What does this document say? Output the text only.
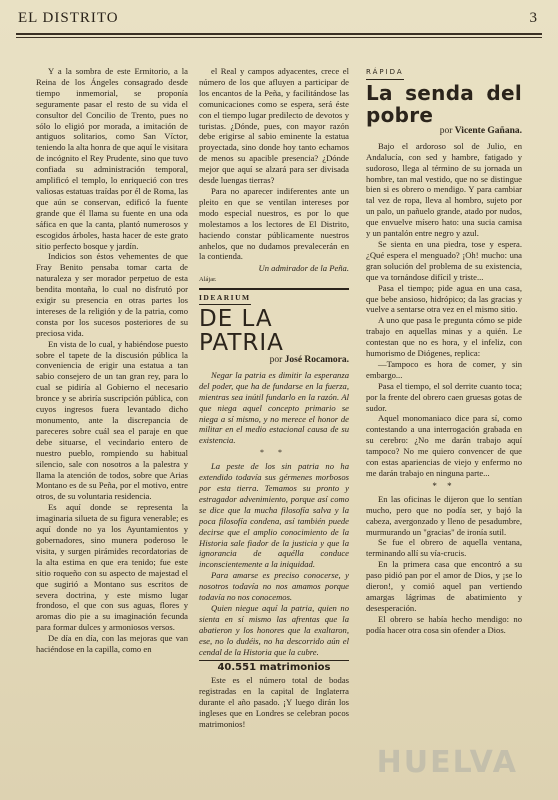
EL DISTRITO	3

Y a la sombra de este Ermitorio, a la Reina de los Ángeles consagrado desde tiempo inmemorial, se proponía seguramente pasar el resto de su vida el consultor del Concilio de Trento, pues no sólo lo eligió por morada, a imitación de antiguos solitarios, como San Víctor, teniendo la alta honra de que aquí le visitara de incógnito el Rey Prudente, sino que tuvo confiada su administración temporal, amplificó el templo, lo enriqueció con tres valiosas estatuas traídas por él de Roma, las que aún se conservan, edificó la fuente grande que él llama su fuente en una oda sáfica en que la canta, plantó numerosos y escogidos árboles, hasta hacer de este grato sitio perfecto bosque y jardín.

Indicios son éstos vehementes de que Fray Benito pensaba tomar carta de naturaleza y ser morador perpetuo de esta bendita montaña, lo cual no disfrutó por exigir su presencia en otras partes los intereses de la religión y de la patria, como consta por los sucesos posteriores de su preciosa vida.

En vista de lo cual, y habiéndose puesto sobre el tapete de la discusión pública la conveniencia de erigir una estatua a tan sabio consejero de un tan gran rey, para lo cual se pidiría al Gobierno el necesario bronce y se abriría suscripción pública, con cuyos ingresos fuera levantado dicho monumento, ante la discrepancia de pareceres sobre cuál sea el paraje en que debe situarse, el vecindario entero de nuestro pueblo, rompiendo su habitual silencio, sale con nosotros a la palestra y llama la atención de todos, sobre que Arias Montano es de su Peña, por el motivo, entre otros, de su voluntaria residencia.

Es aquí donde se representa la imaginaria silueta de su figura venerable; es aquí donde no ya los Ayuntamientos y gobernadores, sino munera poderoso le visita, y surgen pirámides recordatorias de la alta estima en que era tenido; fue este sitio roqueño con su aspecto de majestad el que sugirió a Montano sus escritos de severa doctrina, y este mismo lugar frondoso, el que con sus aguas, flores y aromas dio pie a su imaginación fecunda para formar dulces y armoniosos versos.

De día en día, con las mejoras que van haciéndose en la capilla, como en

el Real y campos adyacentes, crece el número de los que afluyen a participar de los encantos de la Peña, y facilitándose las comunicaciones como se espera, será éste con el tiempo lugar predilecto de devotos y turistas. ¿Dónde, pues, con mayor razón debe erigirse al sabio eminente la estatua proyectada, sino donde hoy tanto echamos de menos su apacible presencia? ¿Dónde mejor que aquí se alzará para ser divisada desde luengas tierras?

Para no aparecer indiferentes ante un pleito en que se ventilan intereses por modo especial nuestros, es por lo que molestamos a los lectores de El Distrito, haciendo constar públicamente nuestros anhelos, que no dudamos prevalecerán en la contienda.

Un admirador de la Peña.
Alájar.
IDEARIUM
DE LA PATRIA
por José Rocamora.

Negar la patria es dimitir la esperanza del poder, que ha de fundarse en la fuerza, mientras sea inútil fundarlo en la razón. Al que niega aquel concepto primario se niega a sí mismo, y no merece el honor de militar en el medio estacional causa de su existencia.

* *

La peste de los sin patria no ha extendido todavía sus gérmenes morbosos por esta tierra. Temamos su pronto y estragador advenimiento, porque así como se dice que la mucha filosofía salva y la poca filosofía condena, así también puede decirse que el amplio conocimiento de la Historia sale fiador de la justicia y que la ignorancia de aquélla conduce inconscientemente a la iniquidad.

Para amarse es preciso conocerse, y nosotros todavía no nos amamos porque todavía no nos conocemos.

Quien niegue aquí la patria, quien no sienta en sí mismo las afrentas que la abatieron y los honores que la exaltaron, ese, no lo dudéis, no ha descorrido aún el cendal de la Historia que la cubre.

40.551 matrimonios

Este es el número total de bodas registradas en la capital de Inglaterra durante el año pasado. ¡Y luego dirán los ingleses que en Londres se celebran pocos matrimonios!

RÁPIDA
La senda del pobre
por Vicente Gañana.

Bajo el ardoroso sol de Julio, en Andalucía, con sed y hambre, fatigado y sudoroso, llega al término de su jornada un hombre, tan mal vestido, que no se distingue bien si es obrero o mendigo. Y para cambiar tal vez de ropa, lleva al hombro, sujeto por un palo, un pañuelo grande, atado por nudos, que envuelve mísero hato: una sucia camisa y un pantalón entre negro y azul.

Se sienta en una piedra, tose y espera. ¿Qué espera el menguado? ¡Oh! mucho: una gran solución del problema de su existencia, que va tornándose difícil y triste...

Pasa el tiempo; pide agua en una casa, que bebe ansioso, hidrópico; da las gracias y vuelve a sentarse otra vez en el mismo sitio.

A uno que pasa le pregunta cómo se pide trabajo en aquellas minas y a quién. Le contestan que no es hora, y el infeliz, con humorismo de Diógenes, replica:

—Tampoco es hora de comer, y sin embargo...

Pasa el tiempo, el sol derrite cuanto toca; por la frente del obrero caen gruesas gotas de sudor.

Aquel monomaniaco dice para sí, como contestando a una interrogación grabada en su cerebro: ¿No me darán trabajo aquí tampoco? No me quiero convencer de que con estas apariencias de viejo y enfermo no me darán trabajo en ninguna parte...

* *

En las oficinas le dijeron que lo sentían mucho, pero que no podía ser, y bajó la cabeza, avergonzado y lleno de pesadumbre, murmurando un "gracias" de ironía sutil.

Se fue el obrero de aquella ventana, terminando allí su vía-crucis.

En la primera casa que encontró a su paso pidió pan por el amor de Dios, y ¡se lo dieron!, y comió aquel pan vertiendo amargas lágrimas de abatimiento y desesperación.

El obrero se había hecho mendigo: no podía hacer otra cosa sin ofender a Dios.

HUELVA
